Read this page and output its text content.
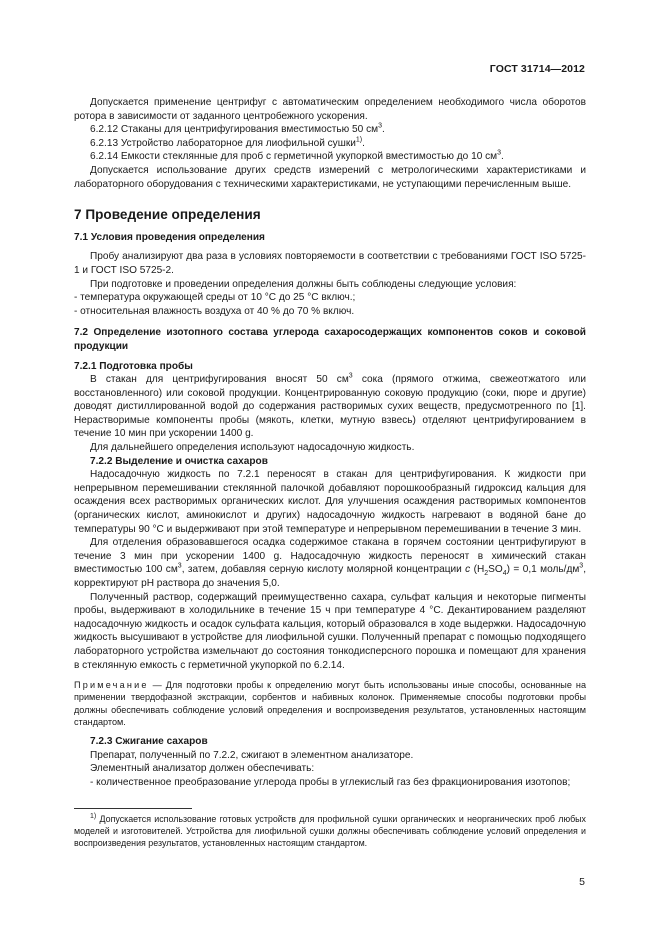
ГОСТ 31714—2012

Допускается применение центрифуг с автоматическим определением необходимого числа оборотов ротора в зависимости от заданного центробежного ускорения.

6.2.12 Стаканы для центрифугирования вместимостью 50 $см^3$.

6.2.13 Устройство лабораторное для лиофильной сушки$^{1)}$.

6.2.14 Емкости стеклянные для проб с герметичной укупоркой вместимостью до 10 $см^3$.

Допускается использование других средств измерений с метрологическими характеристиками и лабораторного оборудования с техническими характеристиками, не уступающими перечисленным выше.

7 Проведение определения

7.1 Условия проведения определения

Пробу анализируют два раза в условиях повторяемости в соответствии с требованиями ГОСТ ISO 5725-1 и ГОСТ ISO 5725-2.

При подготовке и проведении определения должны быть соблюдены следующие условия:

- температура окружающей среды от 10 °С до 25 °С включ.;

- относительная влажность воздуха от 40 % до 70 % включ.

7.2 Определение изотопного состава углерода сахаросодержащих компонентов соков и соковой продукции

7.2.1 Подготовка пробы

В стакан для центрифугирования вносят 50 $см^3$ сока (прямого отжима, свежеотжатого или восстановленного) или соковой продукции. Концентрированную соковую продукцию (соки, пюре и другие) доводят дистиллированной водой до содержания растворимых сухих веществ, предусмотренного по [1]. Нерастворимые компоненты пробы (мякоть, клетки, мутную взвесь) отделяют центрифугированием в течение 10 мин при ускорении 1400 g.

Для дальнейшего определения используют надосадочную жидкость.

7.2.2 Выделение и очистка сахаров

Надосадочную жидкость по 7.2.1 переносят в стакан для центрифугирования. К жидкости при непрерывном перемешивании стеклянной палочкой добавляют порошкообразный гидроксид кальция для осаждения всех растворимых органических кислот. Для улучшения осаждения растворимых компонентов (органических кислот, аминокислот и других) надосадочную жидкость нагревают в водяной бане до температуры 90 °С и выдерживают при этой температуре и непрерывном перемешивании в течение 3 мин.

Для отделения образовавшегося осадка содержимое стакана в горячем состоянии центрифугируют в течение 3 мин при ускорении 1400 g. Надосадочную жидкость переносят в химический стакан вместимостью 100 $см^3$, затем, добавляя серную кислоту молярной концентрации с $(H_2SO_4) = 0,1$ моль/$дм^3$, корректируют pH раствора до значения 5,0.

Полученный раствор, содержащий преимущественно сахара, сульфат кальция и некоторые пигменты пробы, выдерживают в холодильнике в течение 15 ч при температуре 4 °С. Декантированием разделяют надосадочную жидкость и осадок сульфата кальция, который образовался в ходе выдержки. Надосадочную жидкость высушивают в устройстве для лиофильной сушки. Полученный препарат с помощью подходящего лабораторного устройства измельчают до состояния тонкодисперсного порошка и помещают для хранения в стеклянную емкость с герметичной укупоркой по 6.2.14.

Примечание — Для подготовки пробы к определению могут быть использованы иные способы, основанные на применении твердофазной экстракции, сорбентов и набивных колонок. Применяемые способы подготовки пробы должны обеспечивать соблюдение условий определения и воспроизведения результатов, установленных настоящим стандартом.

7.2.3 Сжигание сахаров

Препарат, полученный по 7.2.2, сжигают в элементном анализаторе.

Элементный анализатор должен обеспечивать:

- количественное преобразование углерода пробы в углекислый газ без фракционирования изотопов;

$^{1)}$ Допускается использование готовых устройств для профильной сушки органических и неорганических проб любых моделей и изготовителей. Устройства для лиофильной сушки должны обеспечивать соблюдение условий определения и воспроизведения результатов, установленных настоящим стандартом.

5
